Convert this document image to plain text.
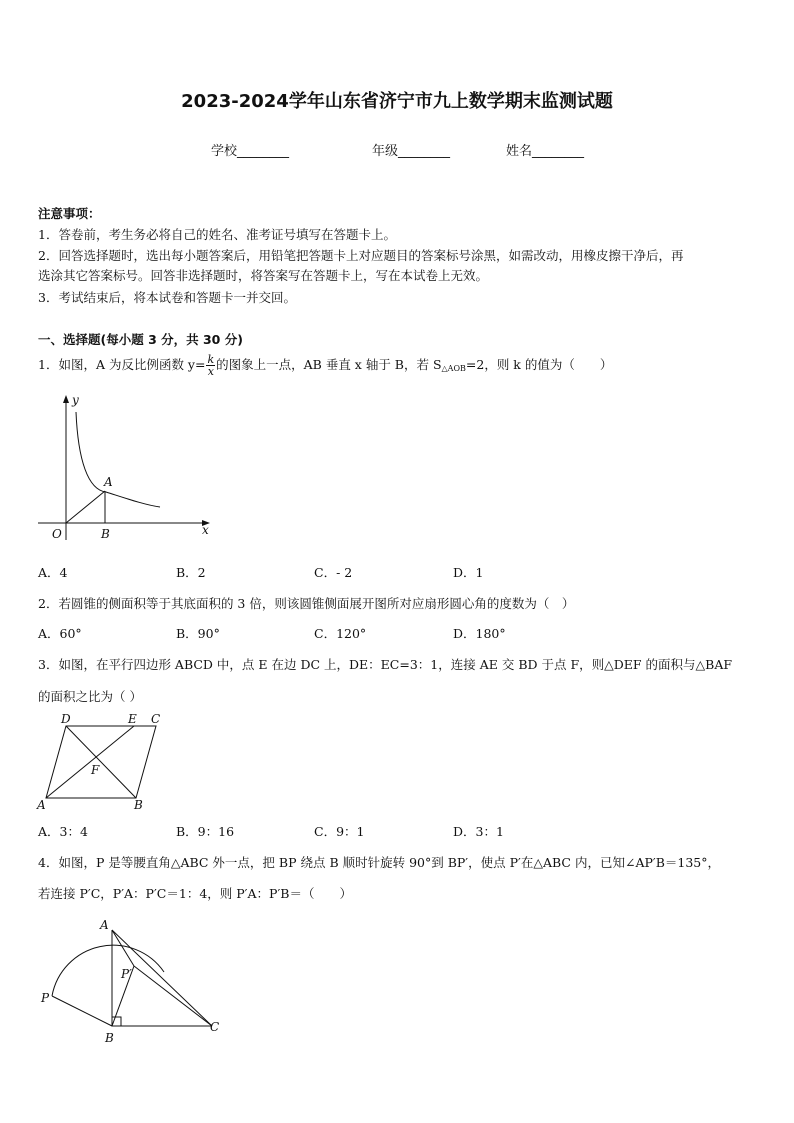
2023-2024学年山东省济宁市九上数学期末监测试题
学校________	年级________	姓名________
注意事项：
1．答卷前，考生务必将自己的姓名、准考证号填写在答题卡上。
2．回答选择题时，选出每小题答案后，用铅笔把答题卡上对应题目的答案标号涂黑，如需改动，用橡皮擦干净后，再
选涂其它答案标号。回答非选择题时，将答案写在答题卡上，写在本试卷上无效。
3．考试结束后，将本试卷和答题卡一并交回。
一、选择题(每小题 3 分，共 30 分)
1．如图，A 为反比例函数 $y= \frac{k}{x}$ 的图象上一点，AB 垂直 x 轴于 B，若 $S_{\triangle AOB}=2$，则 k 的值为（　　）
y
x
O
A
B
A．4	B．2	C．- 2	D．1
2．若圆锥的侧面积等于其底面积的 3 倍，则该圆锥侧面展开图所对应扇形圆心角的度数为（　）
A．60°	B．90°	C．120°	D．180°
3．如图，在平行四边形 ABCD 中，点 E 在边 DC 上，DE：EC=3：1，连接 AE 交 BD 于点 F，则△DEF 的面积与△BAF
的面积之比为（ ）
D	E C
F
A	B
A．3：4	B．9：16	C．9：1	D．3：1
4．如图，P 是等腰直角△ABC 外一点，把 BP 绕点 B 顺时针旋转 90°到 BP′，使点 P′在△ABC 内，已知∠AP′B＝135°，
若连接 P′C，P′A：P′C＝1：4，则 P′A：P′B＝（　　）
A
P′
P
B
C
